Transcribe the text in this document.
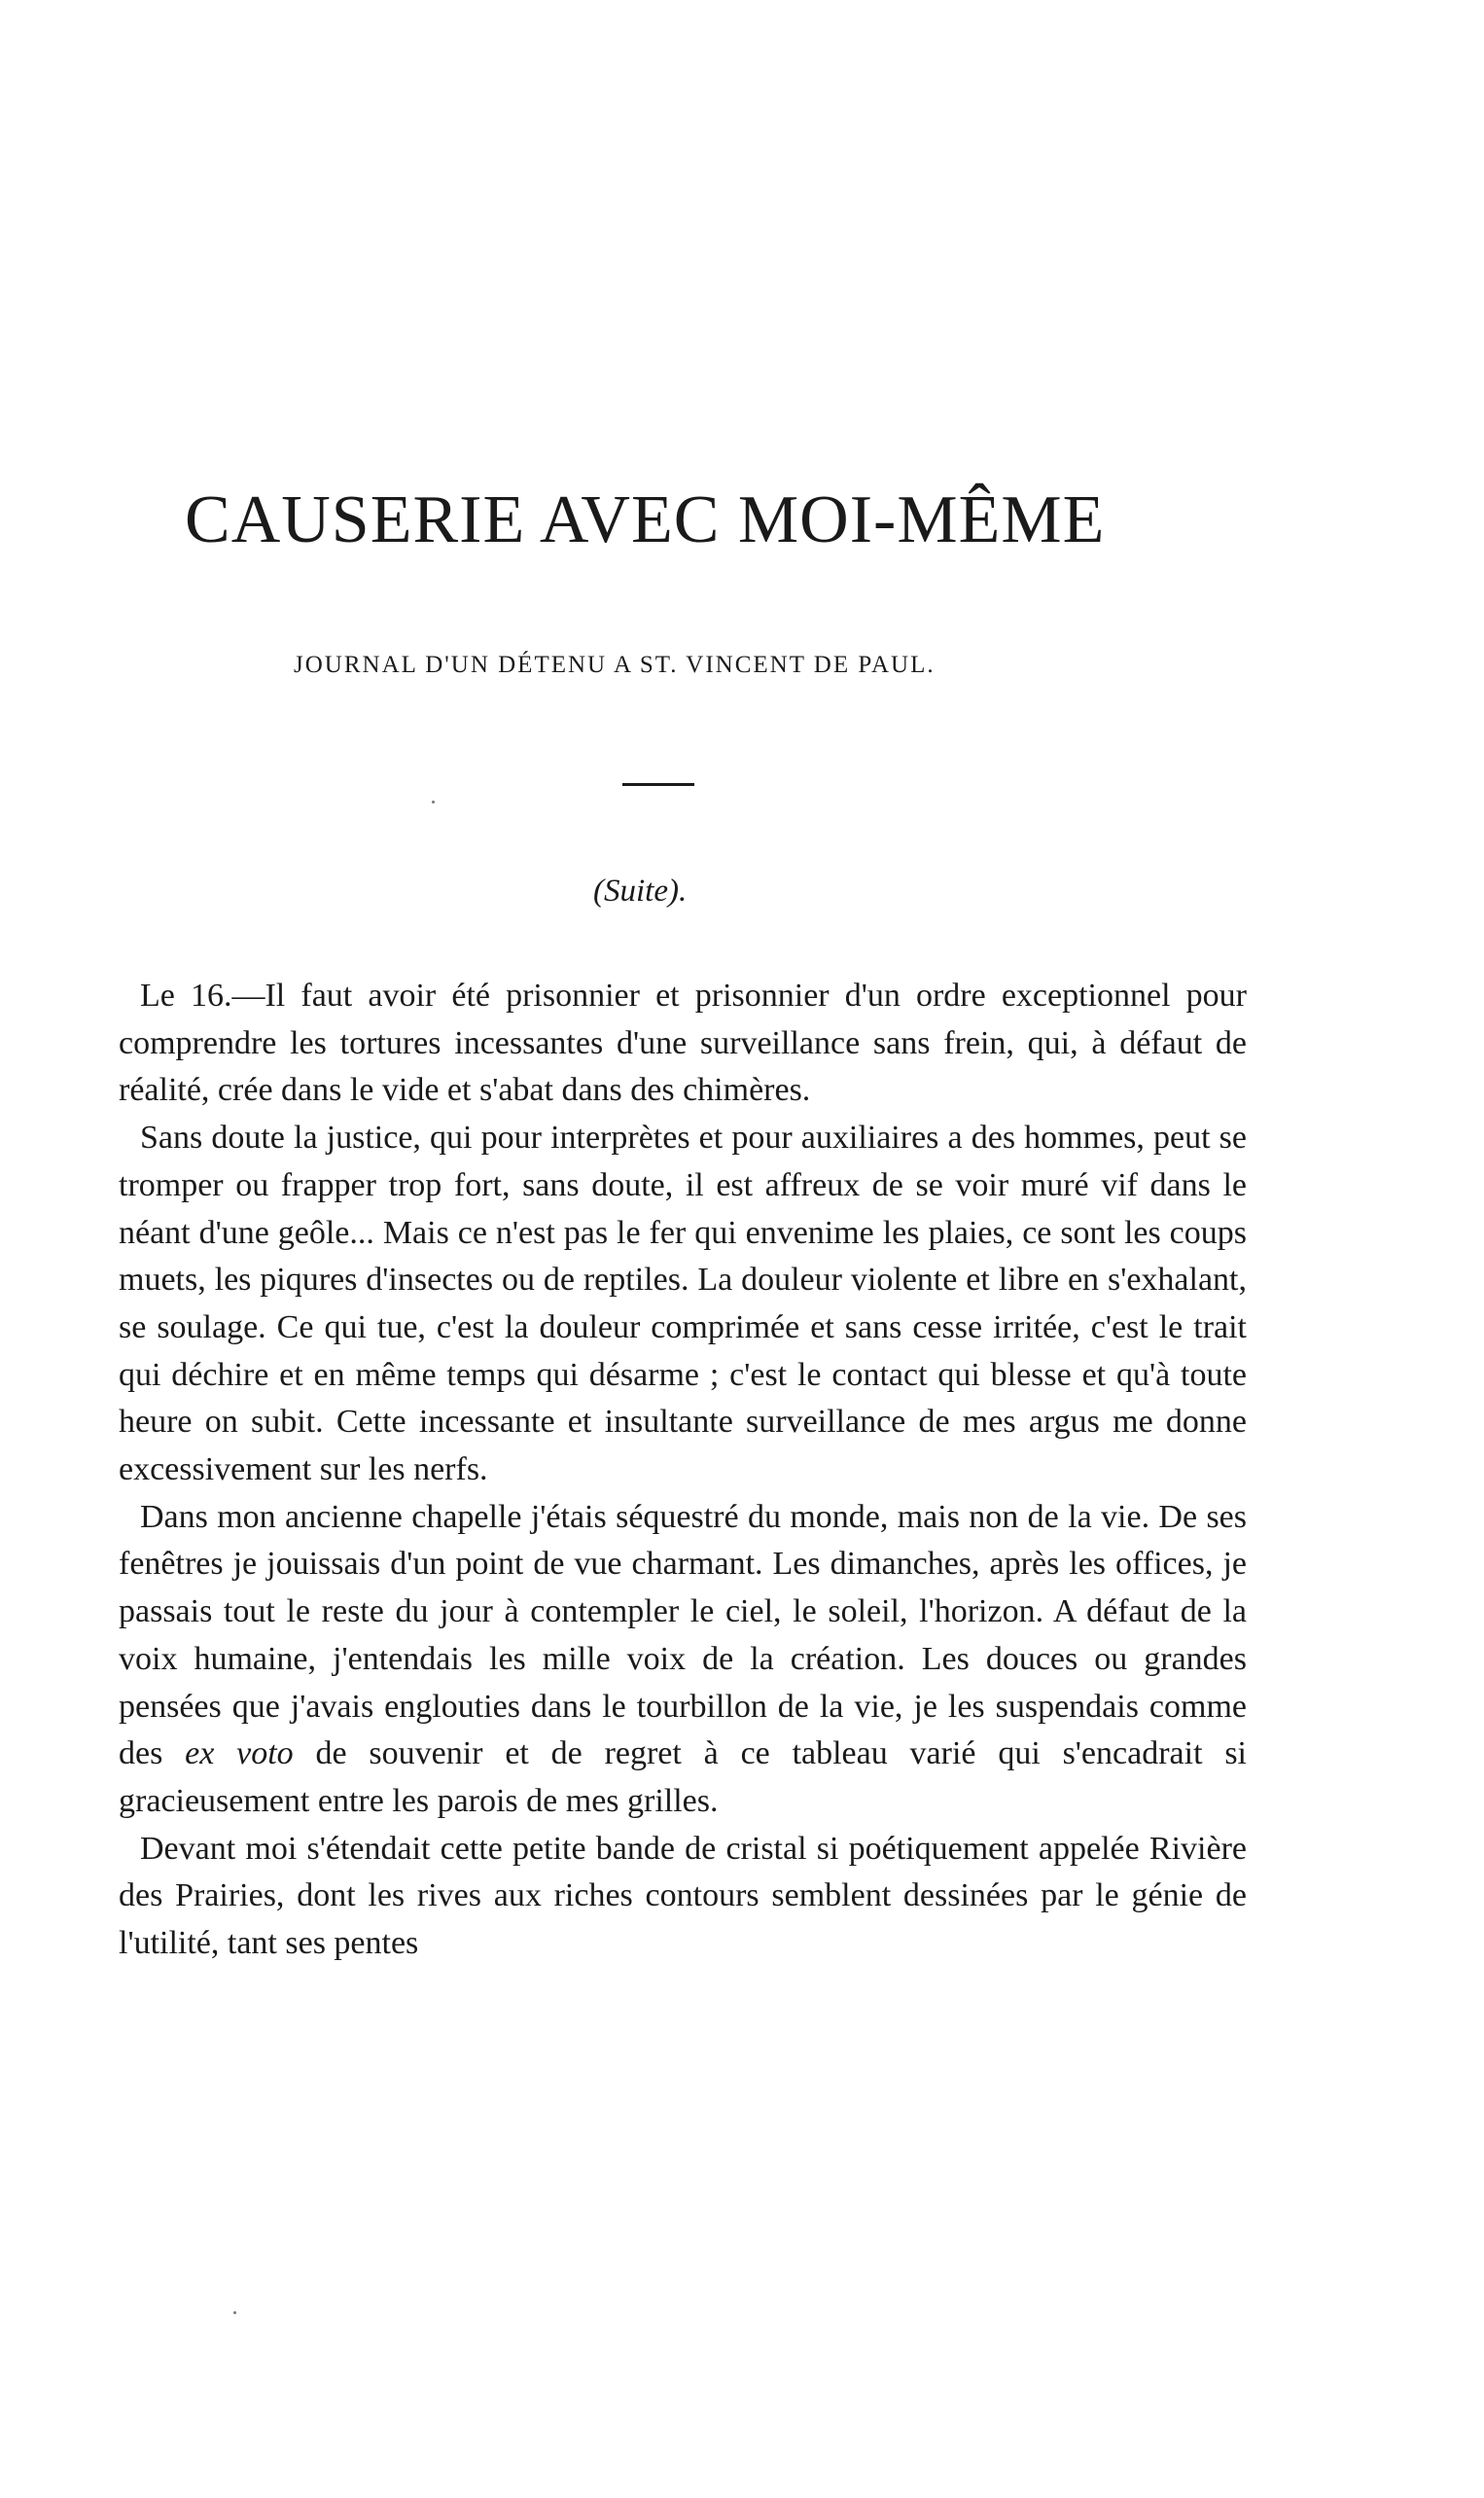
CAUSERIE AVEC MOI-MÊME
JOURNAL D'UN DÉTENU A ST. VINCENT DE PAUL.
(Suite).

Le 16.—Il faut avoir été prisonnier et prisonnier d'un ordre exceptionnel pour comprendre les tortures incessantes d'une surveillance sans frein, qui, à défaut de réalité, crée dans le vide et s'abat dans des chimères.

Sans doute la justice, qui pour interprètes et pour auxiliaires a des hommes, peut se tromper ou frapper trop fort, sans doute, il est affreux de se voir muré vif dans le néant d'une geôle... Mais ce n'est pas le fer qui envenime les plaies, ce sont les coups muets, les piqures d'insectes ou de reptiles. La douleur violente et libre en s'exhalant, se soulage. Ce qui tue, c'est la douleur comprimée et sans cesse irritée, c'est le trait qui déchire et en même temps qui désarme ; c'est le contact qui blesse et qu'à toute heure on subit. Cette incessante et insultante surveillance de mes argus me donne excessivement sur les nerfs.

Dans mon ancienne chapelle j'étais séquestré du monde, mais non de la vie. De ses fenêtres je jouissais d'un point de vue charmant. Les dimanches, après les offices, je passais tout le reste du jour à contempler le ciel, le soleil, l'horizon. A défaut de la voix humaine, j'entendais les mille voix de la création. Les douces ou grandes pensées que j'avais englouties dans le tourbillon de la vie, je les suspendais comme des ex voto de souvenir et de regret à ce tableau varié qui s'encadrait si gracieusement entre les parois de mes grilles.

Devant moi s'étendait cette petite bande de cristal si poétiquement appelée Rivière des Prairies, dont les rives aux riches contours semblent dessinées par le génie de l'utilité, tant ses pentes
